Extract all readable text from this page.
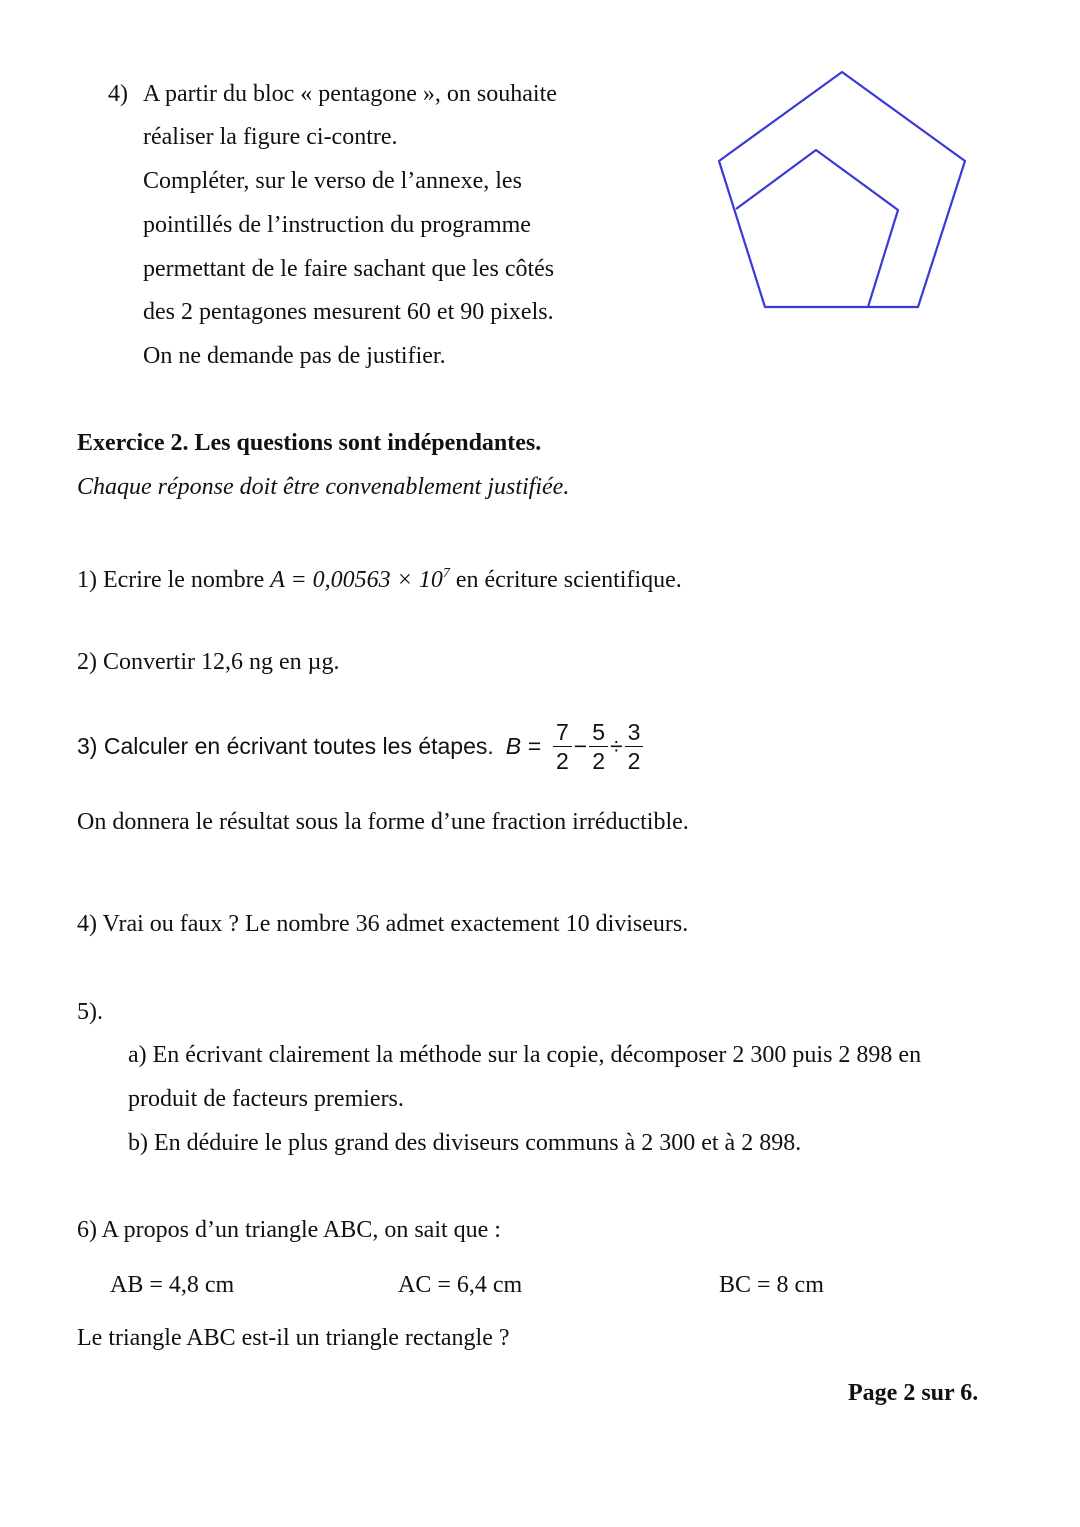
4) A partir du bloc « pentagone », on souhaite
réaliser la figure ci-contre.
Compléter, sur le verso de l’annexe, les
pointillés de l’instruction du programme
permettant de le faire sachant que les côtés
des 2 pentagones mesurent 60 et 90 pixels.
On ne demande pas de justifier.
Exercice 2. Les questions sont indépendantes.
Chaque réponse doit être convenablement justifiée.
1) Ecrire le nombre $A = 0,00563 \times 10^7$ en écriture scientifique.
2) Convertir 12,6 ng en µg.
3) Calculer en écrivant toutes les étapes. $B = \frac{7}{2} - \frac{5}{2} \div \frac{3}{2}$
On donnera le résultat sous la forme d’une fraction irréductible.
4) Vrai ou faux ? Le nombre 36 admet exactement 10 diviseurs.
5).
a) En écrivant clairement la méthode sur la copie, décomposer 2 300 puis 2 898 en
produit de facteurs premiers.
b) En déduire le plus grand des diviseurs communs à 2 300 et à 2 898.
6) A propos d’un triangle ABC, on sait que :
AB = 4,8 cm	AC = 6,4 cm	BC = 8 cm
Le triangle ABC est-il un triangle rectangle ?
Page 2 sur 6.
